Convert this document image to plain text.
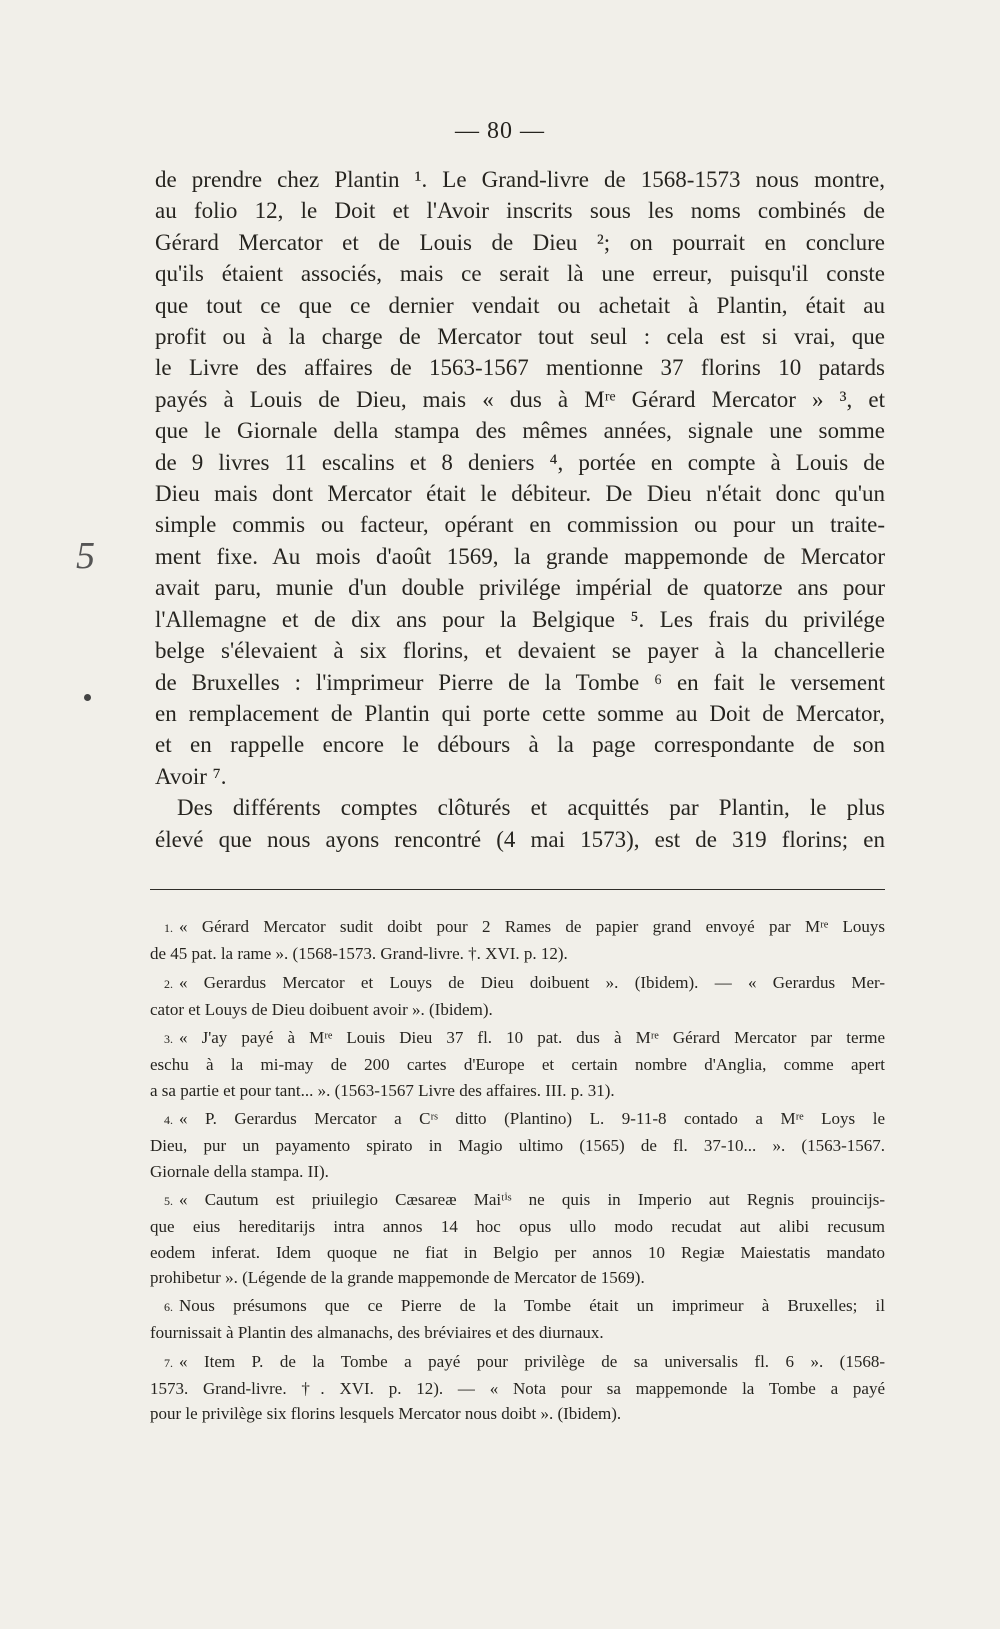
— 80 —
5
de prendre chez Plantin ¹. Le Grand-livre de 1568-1573 nous montre,
au folio 12, le Doit et l'Avoir inscrits sous les noms combinés de
Gérard Mercator et de Louis de Dieu ²; on pourrait en conclure
qu'ils étaient associés, mais ce serait là une erreur, puisqu'il conste
que tout ce que ce dernier vendait ou achetait à Plantin, était au
profit ou à la charge de Mercator tout seul : cela est si vrai, que
le Livre des affaires de 1563-1567 mentionne 37 florins 10 patards
payés à Louis de Dieu, mais « dus à Mʳᵉ Gérard Mercator » ³, et
que le Giornale della stampa des mêmes années, signale une somme
de 9 livres 11 escalins et 8 deniers ⁴, portée en compte à Louis de
Dieu mais dont Mercator était le débiteur. De Dieu n'était donc qu'un
simple commis ou facteur, opérant en commission ou pour un traite-
ment fixe. Au mois d'août 1569, la grande mappemonde de Mercator
avait paru, munie d'un double privilége impérial de quatorze ans pour
l'Allemagne et de dix ans pour la Belgique ⁵. Les frais du privilége
belge s'élevaient à six florins, et devaient se payer à la chancellerie
de Bruxelles : l'imprimeur Pierre de la Tombe ⁶ en fait le versement
en remplacement de Plantin qui porte cette somme au Doit de Mercator,
et en rappelle encore le débours à la page correspondante de son
Avoir ⁷.
Des différents comptes clôturés et acquittés par Plantin, le plus
élevé que nous ayons rencontré (4 mai 1573), est de 319 florins; en
1. « Gérard Mercator sudit doibt pour 2 Rames de papier grand envoyé par Mʳᵉ Louys
de 45 pat. la rame ». (1568-1573. Grand-livre. †. XVI. p. 12).
2. « Gerardus Mercator et Louys de Dieu doibuent ». (Ibidem). — « Gerardus Mer-
cator et Louys de Dieu doibuent avoir ». (Ibidem).
3. « J'ay payé à Mʳᵉ Louis Dieu 37 fl. 10 pat. dus à Mʳᵉ Gérard Mercator par terme
eschu à la mi-may de 200 cartes d'Europe et certain nombre d'Anglia, comme apert
a sa partie et pour tant... ». (1563-1567 Livre des affaires. III. p. 31).
4. « P. Gerardus Mercator a Cʳˢ ditto (Plantino) L. 9-11-8 contado a Mʳᵉ Loys le
Dieu, pur un payamento spirato in Magio ultimo (1565) de fl. 37-10... ». (1563-1567.
Giornale della stampa. II).
5. « Cautum est priuilegio Cæsareæ Maiᵗⁱˢ ne quis in Imperio aut Regnis prouincijs-
que eius hereditarijs intra annos 14 hoc opus ullo modo recudat aut alibi recusum
eodem inferat. Idem quoque ne fiat in Belgio per annos 10 Regiæ Maiestatis mandato
prohibetur ». (Légende de la grande mappemonde de Mercator de 1569).
6. Nous présumons que ce Pierre de la Tombe était un imprimeur à Bruxelles; il
fournissait à Plantin des almanachs, des bréviaires et des diurnaux.
7. « Item P. de la Tombe a payé pour privilège de sa universalis fl. 6 ». (1568-
1573. Grand-livre. †. XVI. p. 12). — « Nota pour sa mappemonde la Tombe a payé
pour le privilège six florins lesquels Mercator nous doibt ». (Ibidem).
